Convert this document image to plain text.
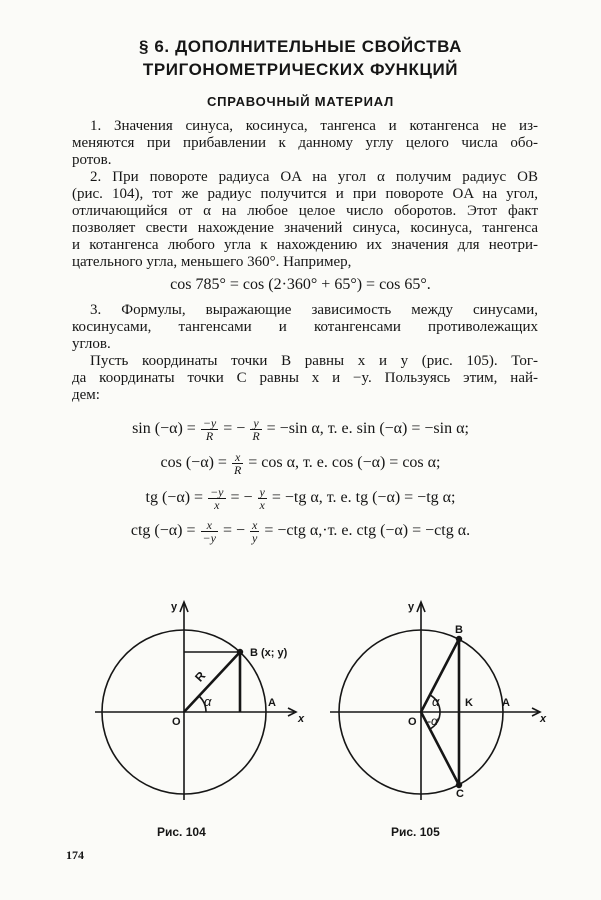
§ 6. ДОПОЛНИТЕЛЬНЫЕ СВОЙСТВА
ТРИГОНОМЕТРИЧЕСКИХ ФУНКЦИЙ
СПРАВОЧНЫЙ МАТЕРИАЛ
1. Значения синуса, косинуса, тангенса и котангенса не из-
меняются при прибавлении к данному углу целого числа обо-
ротов.
2. При повороте радиуса OA на угол α получим радиус OB
(рис. 104), тот же радиус получится и при повороте OA на угол,
отличающийся от α на любое целое число оборотов. Этот факт
позволяет свести нахождение значений синуса, косинуса, тангенса
и котангенса любого угла к нахождению их значения для неотри-
цательного угла, меньшего 360°. Например,
cos 785° = cos (2·360° + 65°) = cos 65°.
3. Формулы, выражающие зависимость между синусами,
косинусами, тангенсами и котангенсами противолежащих
углов.
Пусть координаты точки B равны x и y (рис. 105). Тог-
да координаты точки C равны x и −y. Пользуясь этим, най-
дем:
$\sin (-\alpha) = \frac{-y}{R}$ = − $\frac{y}{R} = -\sin$ α, т. е. sin (−α) = −sin α;
$\cos (-\alpha) = \frac{x}{R} = \cos \alpha$, т. е. cos (−α) = cos α;
tg $(-\alpha) = \frac{-y}{x}$ = − $\frac{y}{x} = -tg$ α, т. е. tg (−α) = −tg α;
ctg $(-\alpha) = \frac{x}{-y}$ = − $\frac{x}{y} = -ctg$ α,·т. е. ctg (−α) = −ctg α.
y
x
O
A
B (x; y)
R
α
Рис. 104
y
x
O
A
B
C
K
α
-α
Рис. 105
174
